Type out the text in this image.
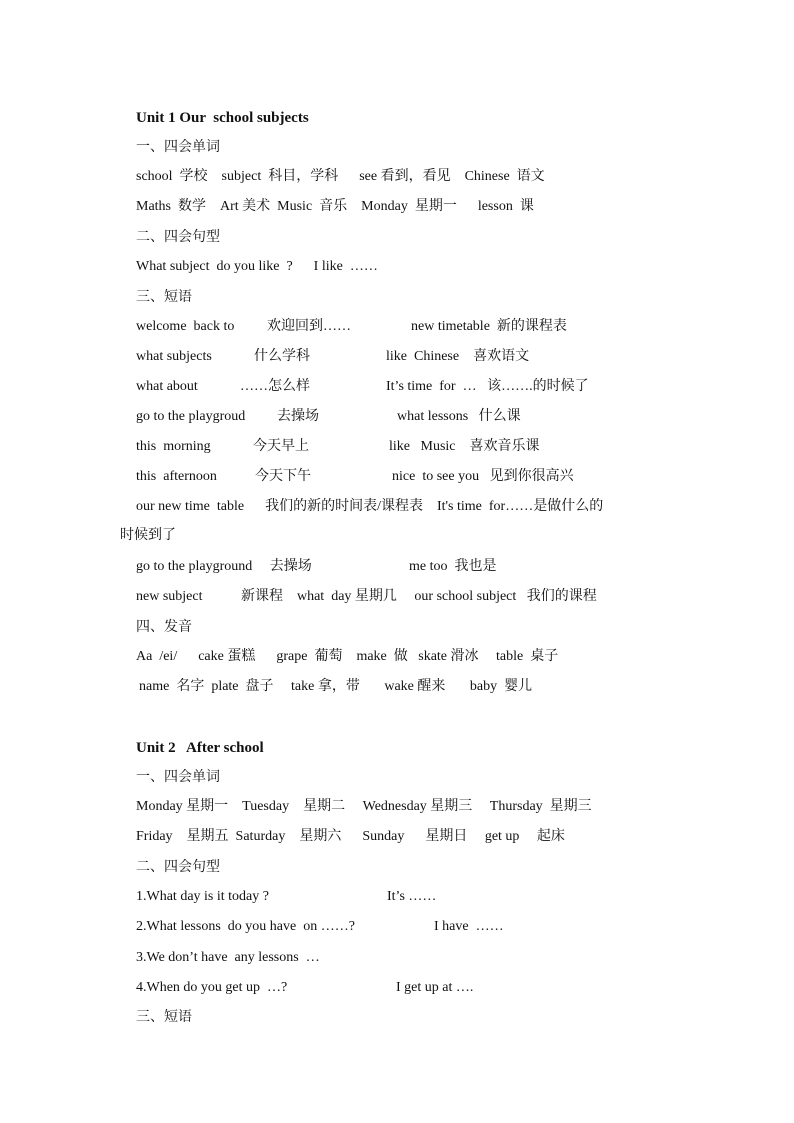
Unit 1 Our  school subjects
一、四会单词
school  学校    subject  科目，学科      see 看到，看见    Chinese  语文
Maths  数学    Art 美术  Music  音乐    Monday  星期一      lesson  课
二、四会句型
What subject  do you like  ?      I like  ……
三、短语
welcome  back to 欢迎回到……	new timetable  新的课程表
what subjects	什么学科	like  Chinese    喜欢语文
what about	……怎么样	It’s time  for  …   该…….的时候了
go to the playgroud 去操场	what lessons   什么课
this  morning	今天早上	like   Music    喜欢音乐课
this  afternoon	今天下午	nice  to see you   见到你很高兴
our new time  table      我们的新的时间表/课程表    It's time  for……是做什么的
时候到了
go to the playground     去操场	me too  我也是
new subject           新课程    what  day 星期几     our school subject   我们的课程
四、发音
Aa  /ei/      cake 蛋糕      grape  葡萄    make  做   skate 滑冰     table  桌子
name  名字  plate  盘子     take 拿，带       wake 醒来       baby  婴儿
Unit 2   After school
一、四会单词
Monday 星期一    Tuesday    星期二     Wednesday 星期三     Thursday  星期三
Friday    星期五  Saturday    星期六      Sunday      星期日     get up     起床
二、四会句型
1.What day is it today ?	It’s ……
2.What lessons  do you have  on ……?	I have  ……
3.We don’t have  any lessons  …
4.When do you get up  …?	I get up at ….
三、短语
